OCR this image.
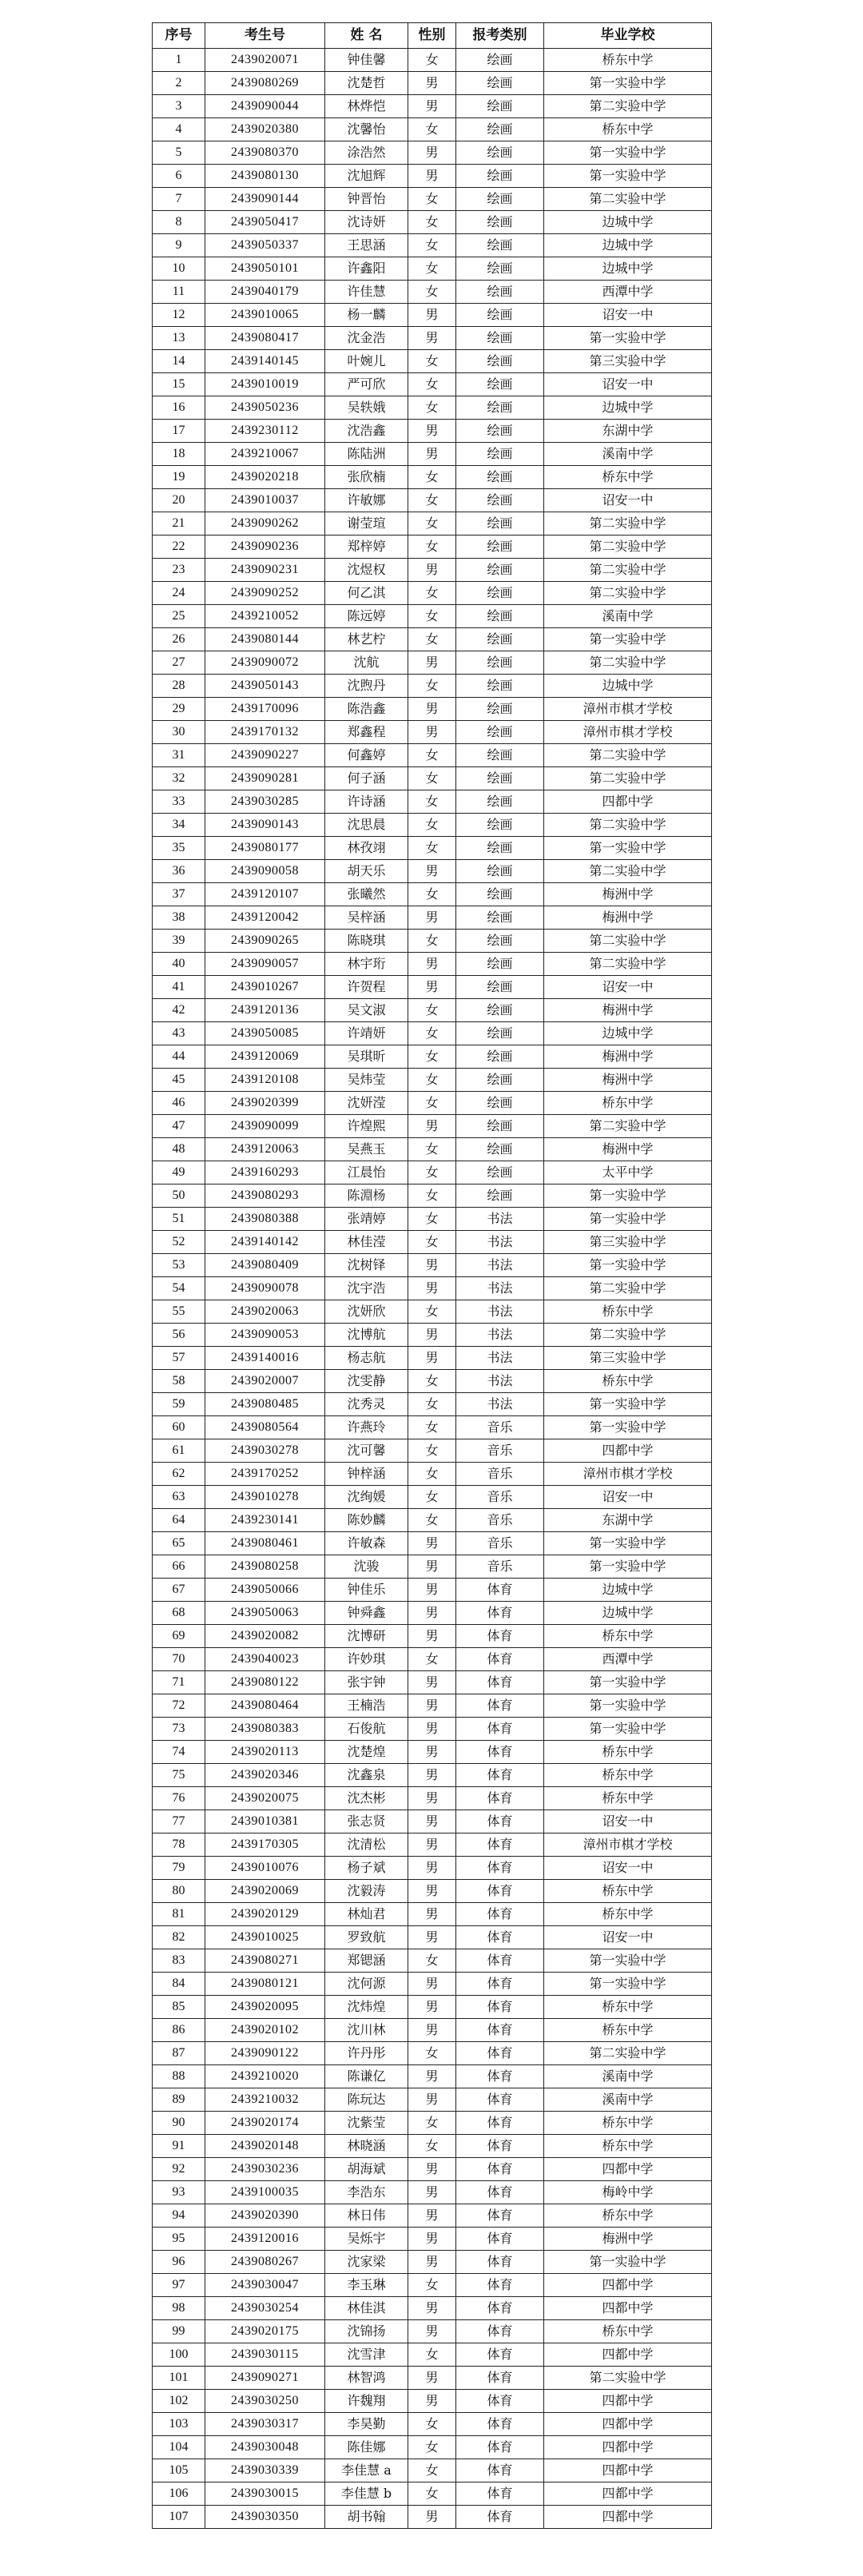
序号	考生号	姓 名	性别	报考类别	毕业学校
1	2439020071	钟佳馨	女	绘画	桥东中学
2	2439080269	沈楚哲	男	绘画	第一实验中学
3	2439090044	林烨恺	男	绘画	第二实验中学
4	2439020380	沈馨怡	女	绘画	桥东中学
5	2439080370	涂浩然	男	绘画	第一实验中学
6	2439080130	沈旭辉	男	绘画	第一实验中学
7	2439090144	钟晋怡	女	绘画	第二实验中学
8	2439050417	沈诗妍	女	绘画	边城中学
9	2439050337	王思涵	女	绘画	边城中学
10	2439050101	许鑫阳	女	绘画	边城中学
11	2439040179	许佳慧	女	绘画	西潭中学
12	2439010065	杨一麟	男	绘画	诏安一中
13	2439080417	沈金浩	男	绘画	第一实验中学
14	2439140145	叶婉儿	女	绘画	第三实验中学
15	2439010019	严可欣	女	绘画	诏安一中
16	2439050236	吴轶娥	女	绘画	边城中学
17	2439230112	沈浩鑫	男	绘画	东湖中学
18	2439210067	陈陆洲	男	绘画	溪南中学
19	2439020218	张欣楠	女	绘画	桥东中学
20	2439010037	许敏娜	女	绘画	诏安一中
21	2439090262	谢莹瑄	女	绘画	第二实验中学
22	2439090236	郑梓婷	女	绘画	第二实验中学
23	2439090231	沈煜权	男	绘画	第二实验中学
24	2439090252	何乙淇	女	绘画	第二实验中学
25	2439210052	陈远婷	女	绘画	溪南中学
26	2439080144	林艺柠	女	绘画	第一实验中学
27	2439090072	沈航	男	绘画	第二实验中学
28	2439050143	沈煦丹	女	绘画	边城中学
29	2439170096	陈浩鑫	男	绘画	漳州市棋才学校
30	2439170132	郑鑫程	男	绘画	漳州市棋才学校
31	2439090227	何鑫婷	女	绘画	第二实验中学
32	2439090281	何子涵	女	绘画	第二实验中学
33	2439030285	许诗涵	女	绘画	四都中学
34	2439090143	沈思晨	女	绘画	第二实验中学
35	2439080177	林孜翊	女	绘画	第一实验中学
36	2439090058	胡天乐	男	绘画	第二实验中学
37	2439120107	张曦然	女	绘画	梅洲中学
38	2439120042	吴梓涵	男	绘画	梅洲中学
39	2439090265	陈晓琪	女	绘画	第二实验中学
40	2439090057	林宇珩	男	绘画	第二实验中学
41	2439010267	许贺程	男	绘画	诏安一中
42	2439120136	吴文淑	女	绘画	梅洲中学
43	2439050085	许靖妍	女	绘画	边城中学
44	2439120069	吴琪昕	女	绘画	梅洲中学
45	2439120108	吴炜莹	女	绘画	梅洲中学
46	2439020399	沈妍滢	女	绘画	桥东中学
47	2439090099	许煌熙	男	绘画	第二实验中学
48	2439120063	吴燕玉	女	绘画	梅洲中学
49	2439160293	江晨怡	女	绘画	太平中学
50	2439080293	陈淵杨	女	绘画	第一实验中学
51	2439080388	张靖婷	女	书法	第一实验中学
52	2439140142	林佳滢	女	书法	第三实验中学
53	2439080409	沈树铎	男	书法	第一实验中学
54	2439090078	沈宇浩	男	书法	第二实验中学
55	2439020063	沈妍欣	女	书法	桥东中学
56	2439090053	沈博航	男	书法	第二实验中学
57	2439140016	杨志航	男	书法	第三实验中学
58	2439020007	沈雯静	女	书法	桥东中学
59	2439080485	沈秀灵	女	书法	第一实验中学
60	2439080564	许燕玲	女	音乐	第一实验中学
61	2439030278	沈可馨	女	音乐	四都中学
62	2439170252	钟梓涵	女	音乐	漳州市棋才学校
63	2439010278	沈绚媛	女	音乐	诏安一中
64	2439230141	陈妙麟	女	音乐	东湖中学
65	2439080461	许敏森	男	音乐	第一实验中学
66	2439080258	沈骏	男	音乐	第一实验中学
67	2439050066	钟佳乐	男	体育	边城中学
68	2439050063	钟舜鑫	男	体育	边城中学
69	2439020082	沈博研	男	体育	桥东中学
70	2439040023	许妙琪	女	体育	西潭中学
71	2439080122	张宇钟	男	体育	第一实验中学
72	2439080464	王楠浩	男	体育	第一实验中学
73	2439080383	石俊航	男	体育	第一实验中学
74	2439020113	沈楚煌	男	体育	桥东中学
75	2439020346	沈鑫泉	男	体育	桥东中学
76	2439020075	沈杰彬	男	体育	桥东中学
77	2439010381	张志贤	男	体育	诏安一中
78	2439170305	沈清松	男	体育	漳州市棋才学校
79	2439010076	杨子斌	男	体育	诏安一中
80	2439020069	沈毅涛	男	体育	桥东中学
81	2439020129	林灿君	男	体育	桥东中学
82	2439010025	罗致航	男	体育	诏安一中
83	2439080271	郑锶涵	女	体育	第一实验中学
84	2439080121	沈何源	男	体育	第一实验中学
85	2439020095	沈炜煌	男	体育	桥东中学
86	2439020102	沈川林	男	体育	桥东中学
87	2439090122	许丹彤	女	体育	第二实验中学
88	2439210020	陈谦亿	男	体育	溪南中学
89	2439210032	陈玩达	男	体育	溪南中学
90	2439020174	沈紫莹	女	体育	桥东中学
91	2439020148	林晓涵	女	体育	桥东中学
92	2439030236	胡海斌	男	体育	四都中学
93	2439100035	李浩东	男	体育	梅岭中学
94	2439020390	林日伟	男	体育	桥东中学
95	2439120016	吴烁宇	男	体育	梅洲中学
96	2439080267	沈家梁	男	体育	第一实验中学
97	2439030047	李玉琳	女	体育	四都中学
98	2439030254	林佳淇	男	体育	四都中学
99	2439020175	沈锦扬	男	体育	桥东中学
100	2439030115	沈雪津	女	体育	四都中学
101	2439090271	林智鸿	男	体育	第二实验中学
102	2439030250	许魏翔	男	体育	四都中学
103	2439030317	李昊勤	女	体育	四都中学
104	2439030048	陈佳娜	女	体育	四都中学
105	2439030339	李佳慧 a	女	体育	四都中学
106	2439030015	李佳慧 b	女	体育	四都中学
107	2439030350	胡书翰	男	体育	四都中学
